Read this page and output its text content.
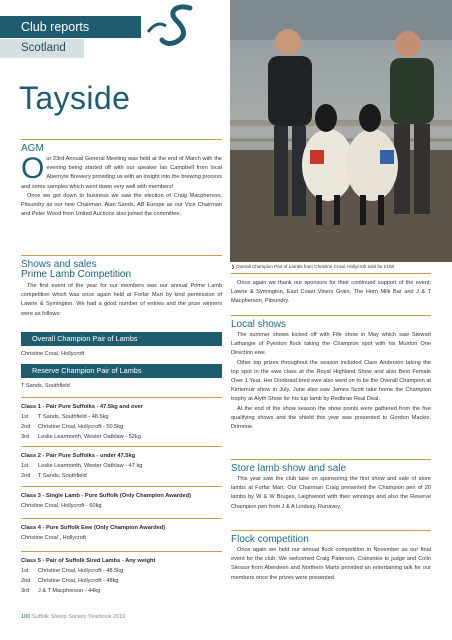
Club reports
Scotland
Tayside
AGM
O ur 23rd Annual General Meeting was held at the end of March with the evening being started off with our speaker Ian Campbell from local Abernyte Brewery providing us with an insight into the brewing process and some samples which went down very well with members!
Once we got down to business we saw the election of Craig Macpherson, Pitsundry as our new Chairman, Alan Sands, AB Europe as our Vice Chairman and Peter Wood from United Auctions also joined the committee.
Shows and sales
Prime Lamb Competition
The first event of the year for our members was our annual Prime Lamb competition which was once again held at Forfar Mart by kind permission of Lawrie & Symington. We had a good number of entries and the prize winners were as follows:
Overall Champion Pair of Lambs
Christine Croal, Hollycroft
Reserve Champion Pair of Lambs
T Sands, Southfield
Class 1 - Pair Pure Suffolks - 47.5kg and over
1st T Sands, Southfield - 48.5kg
2nd Christine Croal, Hollycroft - 50.5kg
3rd Leslie Learmonth, Wester Oathlaw - 52kg
Class 2 - Pair Pure Suffolks - under 47.5kg
1st Leslie Learmonth, Wester Oathlaw - 47 kg
2nd T Sands, Southfield
Class 3 - Single Lamb - Pure Suffolk (Only Champion Awarded)
Christine Croal, Hollycroft - 60kg
Class 4 - Pure Suffolk Ewe (Only Champion Awarded)
Christine Croal , Hollycroft
Class 5 - Pair of Suffolk Sired Lambs - Any weight
1st Christine Croal, Hollycroft - 48.5kg
2nd Christine Croal, Hollycroft - 48kg
3rd J & T Macpherson - 44kg
❯ Overall Champion Pair of Lambs from Christine Croal, Hollycroft sold for £150
Once again we thank our sponsors for their continued support of the event; Lawrie & Symington, East Coast Viners Grain, The Horn Milk Bar and J & T Macpherson, Pitsundry.
Local shows
The summer shows kicked off with Fife show in May which saw Stewart Lathangie of Pyeston flock taking the Champion spot with his Muirton One Direction ewe.
Other top prizes throughout the season included Clare Anderson taking the top spot in the ewe class at the Royal Highland Show and also Best Female Over 1 Year. Her Donbraid bred ewe also went on to be the Overall Champion at Kirriemuir show in July. June also saw James Scott take home the Champion trophy at Alyth Show for his tup lamb by Redbrae Real Deal.
At the end of the show season the show points were gathered from the five qualifying shows and the shield this year was presented to Gordon Mackie, Drimmie.
Store lamb show and sale
This year saw the club take on sponsoring the first show and sale of store lambs at Forfar Mart. Our Chairman Craig presented the Champion pen of 20 lambs by W & W Bruges, Laighwood with their winnings and also the Reserve Champion pen from J & A Lindsay, Runavey.
Flock competition
Once again we held our annual flock competition in November as our final event for the club. We welcomed Craig Paterson, Cransnkie to judge and Colin Slessor from Aberdeen and Northern Marts provided an entertaining talk for our members once the prizes were presented.
100 Suffolk Sheep Society Yearbook 2019
